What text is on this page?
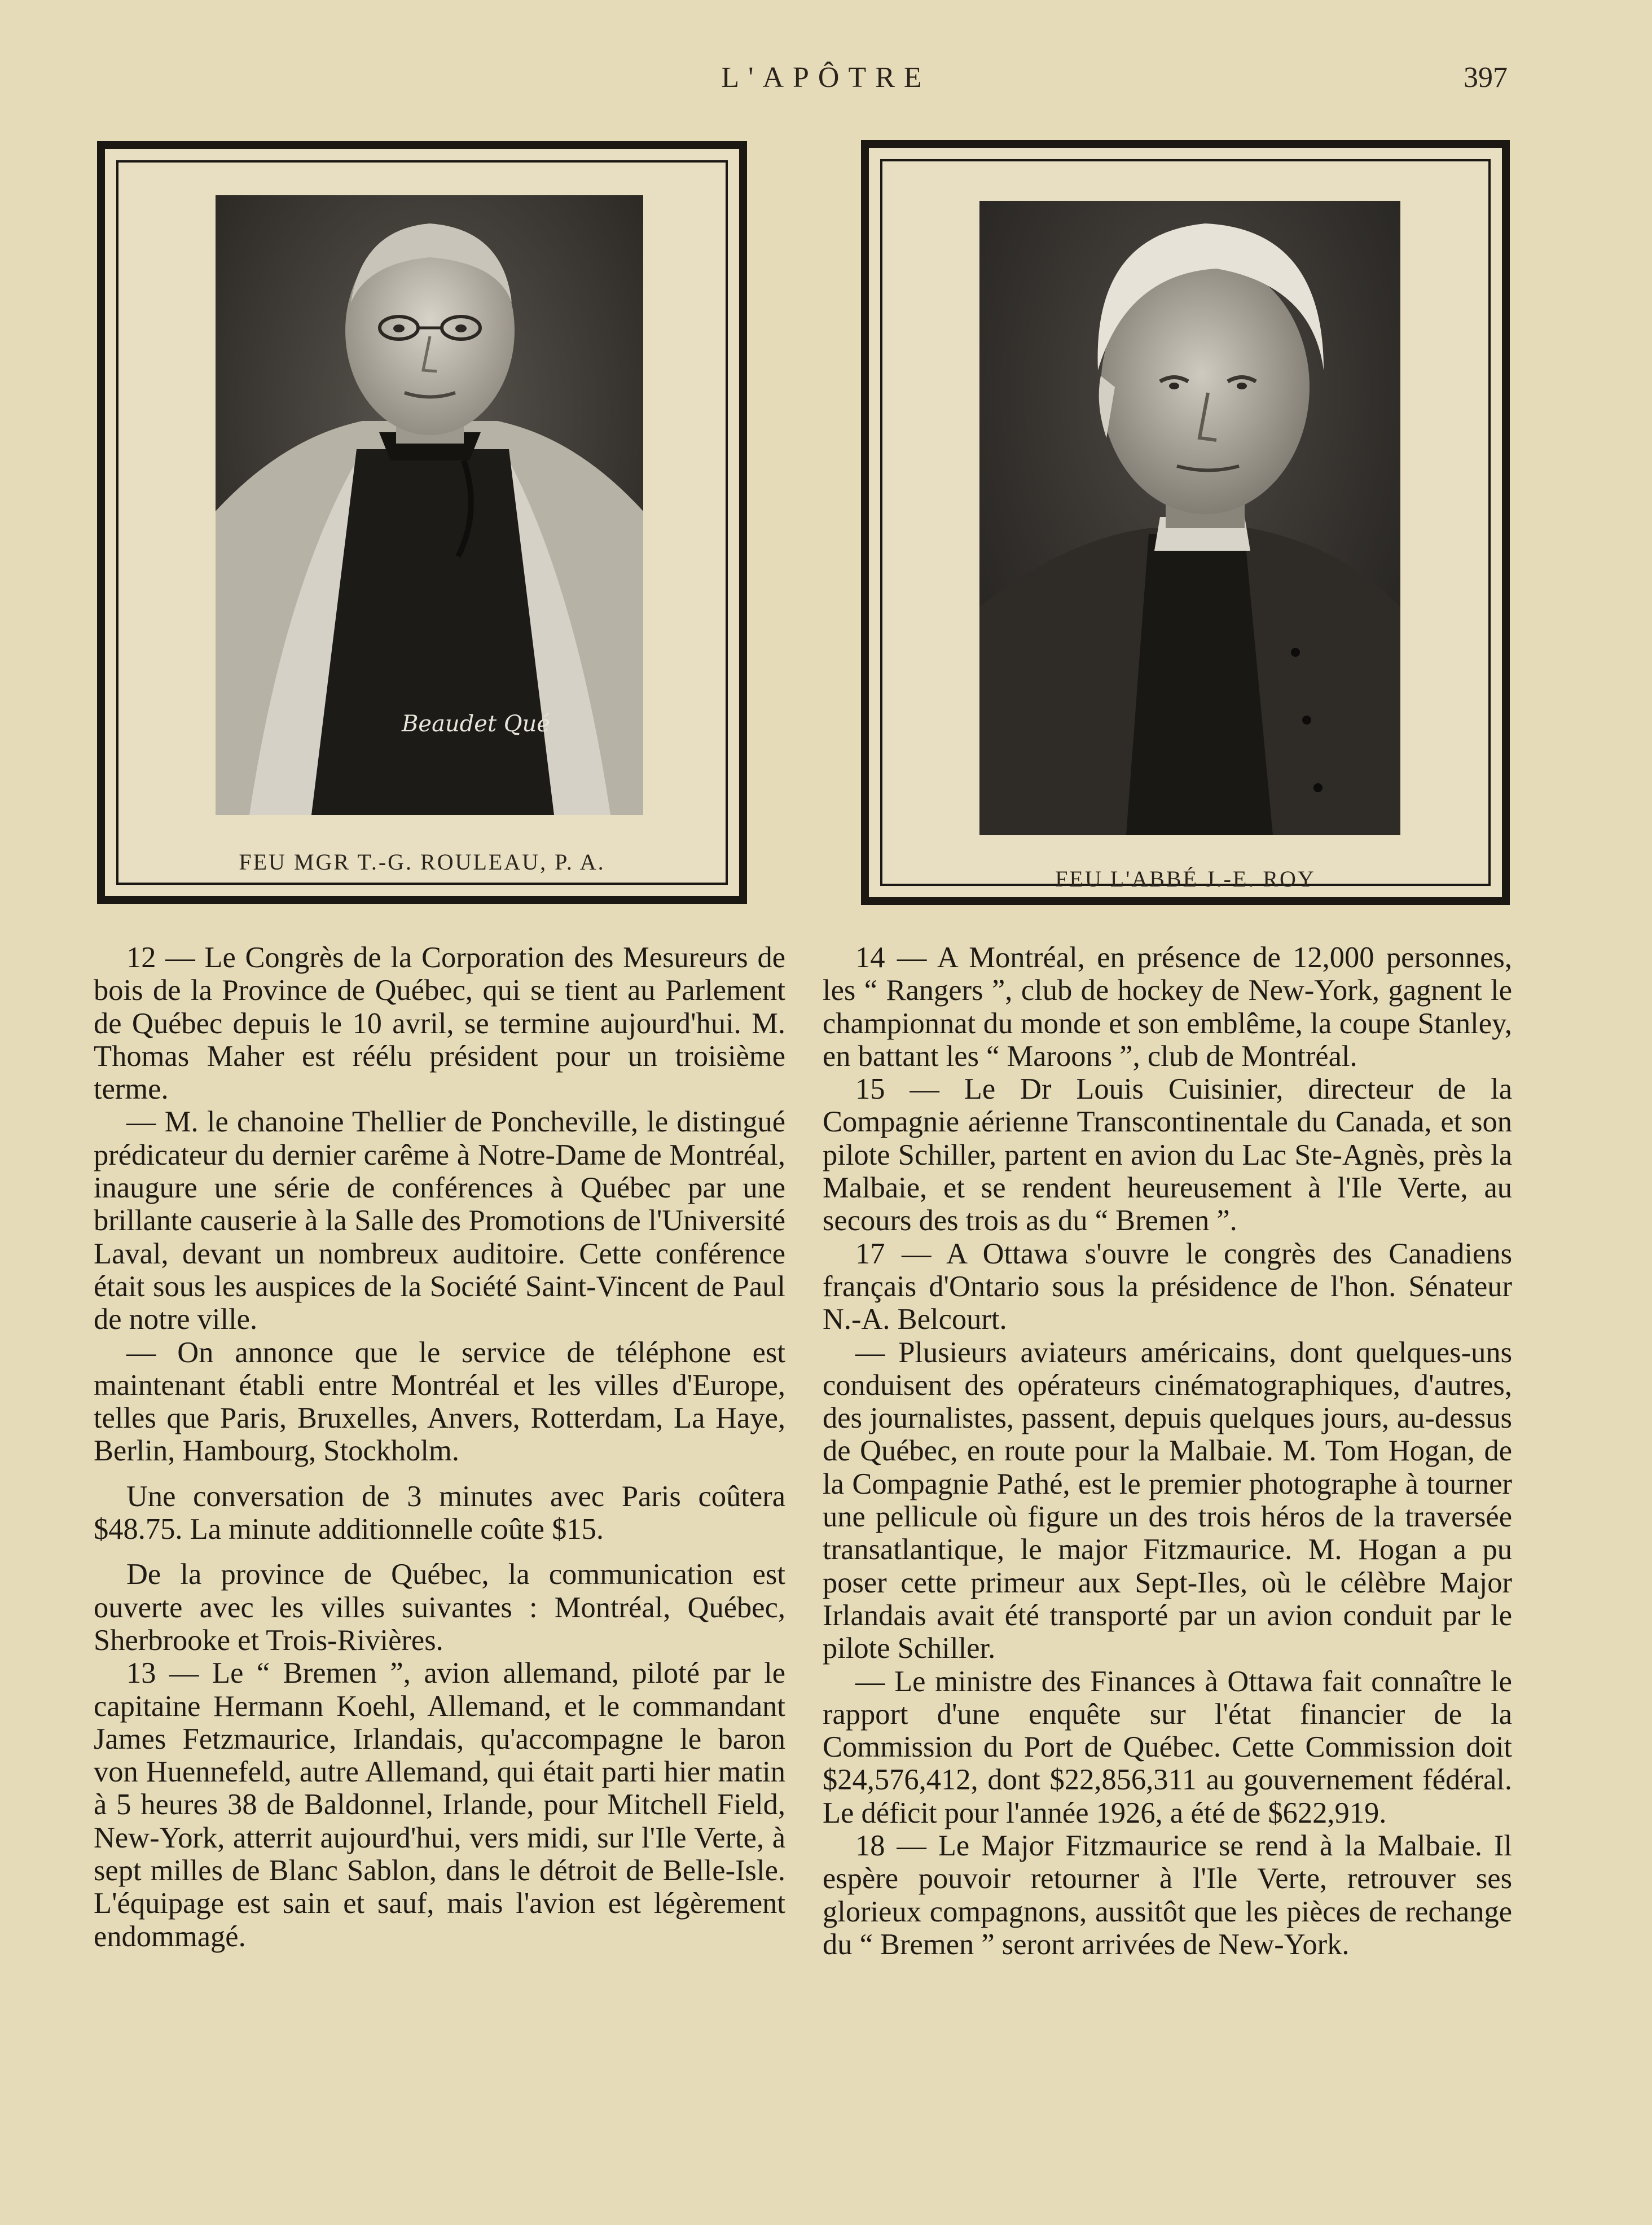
L'APÔTRE	397
Beaudet Qué
FEU MGR T.-G. ROULEAU, P. A.
FEU L'ABBÉ J.-E. ROY

12 — Le Congrès de la Corporation des Mesureurs de bois de la Province de Québec, qui se tient au Parlement de Québec depuis le 10 avril, se termine aujourd'hui. M. Thomas Maher est réélu président pour un troisième terme.

— M. le chanoine Thellier de Poncheville, le distingué prédicateur du dernier carême à Notre-Dame de Montréal, inaugure une série de conférences à Québec par une brillante causerie à la Salle des Promotions de l'Université Laval, devant un nombreux auditoire. Cette conférence était sous les auspices de la Société Saint-Vincent de Paul de notre ville.

— On annonce que le service de téléphone est maintenant établi entre Montréal et les villes d'Europe, telles que Paris, Bruxelles, Anvers, Rotterdam, La Haye, Berlin, Hambourg, Stockholm.

Une conversation de 3 minutes avec Paris coûtera $48.75. La minute additionnelle coûte $15.

De la province de Québec, la communication est ouverte avec les villes suivantes : Montréal, Québec, Sherbrooke et Trois-Rivières.

13 — Le “ Bremen ”, avion allemand, piloté par le capitaine Hermann Koehl, Allemand, et le commandant James Fetzmaurice, Irlandais, qu'accompagne le baron von Huennefeld, autre Allemand, qui était parti hier matin à 5 heures 38 de Baldonnel, Irlande, pour Mitchell Field, New-York, atterrit aujourd'hui, vers midi, sur l'Ile Verte, à sept milles de Blanc Sablon, dans le détroit de Belle-Isle. L'équipage est sain et sauf, mais l'avion est légèrement endommagé.

14 — A Montréal, en présence de 12,000 personnes, les “ Rangers ”, club de hockey de New-York, gagnent le championnat du monde et son emblême, la coupe Stanley, en battant les “ Maroons ”, club de Montréal.

15 — Le Dr Louis Cuisinier, directeur de la Compagnie aérienne Transcontinentale du Canada, et son pilote Schiller, partent en avion du Lac Ste-Agnès, près la Malbaie, et se rendent heureusement à l'Ile Verte, au secours des trois as du “ Bremen ”.

17 — A Ottawa s'ouvre le congrès des Canadiens français d'Ontario sous la présidence de l'hon. Sénateur N.-A. Belcourt.

— Plusieurs aviateurs américains, dont quelques-uns conduisent des opérateurs cinématographiques, d'autres, des journalistes, passent, depuis quelques jours, au-dessus de Québec, en route pour la Malbaie. M. Tom Hogan, de la Compagnie Pathé, est le premier photographe à tourner une pellicule où figure un des trois héros de la traversée transatlantique, le major Fitzmaurice. M. Hogan a pu poser cette primeur aux Sept-Iles, où le célèbre Major Irlandais avait été transporté par un avion conduit par le pilote Schiller.

— Le ministre des Finances à Ottawa fait connaître le rapport d'une enquête sur l'état financier de la Commission du Port de Québec. Cette Commission doit $24,576,412, dont $22,856,311 au gouvernement fédéral. Le déficit pour l'année 1926, a été de $622,919.

18 — Le Major Fitzmaurice se rend à la Malbaie. Il espère pouvoir retourner à l'Ile Verte, retrouver ses glorieux compagnons, aussitôt que les pièces de rechange du “ Bremen ” seront arrivées de New-York.
